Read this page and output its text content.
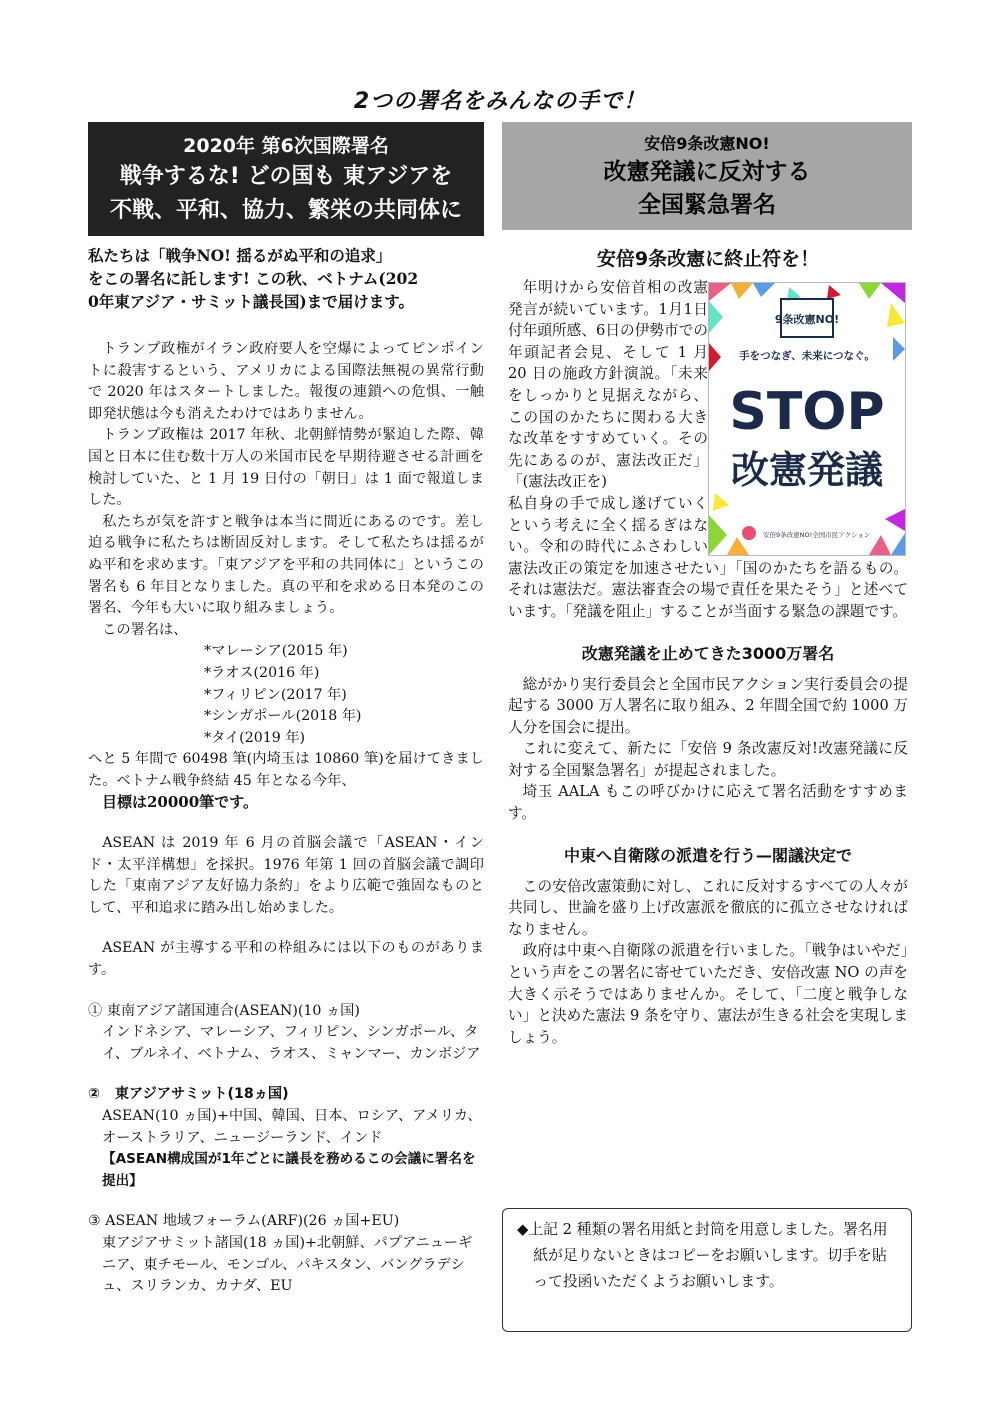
2つの署名をみんなの手で！
2020年 第6次国際署名
戦争するな! どの国も 東アジアを
不戦、平和、協力、繁栄の共同体に
安倍9条改憲NO!
改憲発議に反対する
全国緊急署名

私たちは「戦争NO! 揺るがぬ平和の追求」

をこの署名に託します! この秋、ベトナム(202

0年東アジア・サミット議長国)まで届けます。

トランプ政権がイラン政府要人を空爆によってピンポイントに殺害するという、アメリカによる国際法無視の異常行動で 2020 年はスタートしました。報復の連鎖への危惧、一触即発状態は今も消えたわけではありません。

トランプ政権は 2017 年秋、北朝鮮情勢が緊迫した際、韓国と日本に住む数十万人の米国市民を早期待避させる計画を検討していた、と 1 月 19 日付の「朝日」は 1 面で報道しました。

私たちが気を許すと戦争は本当に間近にあるのです。差し迫る戦争に私たちは断固反対します。そして私たちは揺るがぬ平和を求めます。「東アジアを平和の共同体に」というこの署名も 6 年目となりました。真の平和を求める日本発のこの署名、今年も大いに取り組みましょう。

この署名は、

*マレーシア(2015 年)
*ラオス(2016 年)
*フィリピン(2017 年)
*シンガポール(2018 年)
*タイ(2019 年)

へと 5 年間で 60498 筆(内埼玉は 10860 筆)を届けてきました。ベトナム戦争終結 45 年となる今年、

目標は20000筆です。

ASEAN は 2019 年 6 月の首脳会議で「ASEAN・インド・太平洋構想」を採択。1976 年第 1 回の首脳会議で調印した「東南アジア友好協力条約」をより広範で強固なものとして、平和追求に踏み出し始めました。

ASEAN が主導する平和の枠組みには以下のものがあります。

① 東南アジア諸国連合(ASEAN)(10 ヵ国)
インドネシア、マレーシア、フィリピン、シンガポール、タイ、ブルネイ、ベトナム、ラオス、ミャンマー、カンボジア
② 東アジアサミット(18ヵ国)
ASEAN(10 ヵ国)+中国、韓国、日本、ロシア、アメリカ、オーストラリア、ニュージーランド、インド
【ASEAN構成国が1年ごとに議長を務めるこの会議に署名を提出】
③ ASEAN 地域フォーラム(ARF)(26 ヵ国+EU)
東アジアサミット諸国(18 ヵ国)+北朝鮮、パプアニューギニア、東チモール、モンゴル、パキスタン、バングラデシュ、スリランカ、カナダ、EU

安倍9条改憲に終止符を！

年明けから安倍首相の改憲発言が続いています。1月1日付年頭所感、6日の伊勢市での年頭記者会見、そして 1 月 20 日の施政方針演説。「未来をしっかりと見据えながら、この国のかたちに関わる大きな改革をすすめていく。その先にあるのが、憲法改正だ」「(憲法改正を)

私自身の手で成し遂げていくという考えに全く揺るぎはない。令和の時代にふさわしい憲法改正の策定を加速させたい」「国のかたちを語るもの。それは憲法だ。憲法審査会の場で責任を果たそう」と述べています。「発議を阻止」することが当面する緊急の課題です。

改憲発議を止めてきた3000万署名

総がかり実行委員会と全国市民アクション実行委員会の提起する 3000 万人署名に取り組み、2 年間全国で約 1000 万人分を国会に提出。

これに変えて、新たに「安倍 9 条改憲反対!改憲発議に反対する全国緊急署名」が提起されました。

埼玉 AALA もこの呼びかけに応えて署名活動をすすめます。

中東へ自衛隊の派遣を行う—閣議決定で

この安倍改憲策動に対し、これに反対するすべての人々が共同し、世論を盛り上げ改憲派を徹底的に孤立させなければなりません。

政府は中東へ自衛隊の派遣を行いました。「戦争はいやだ」という声をこの署名に寄せていただき、安倍改憲 NO の声を大きく示そうではありませんか。そして、「二度と戦争しない」と決めた憲法 9 条を守り、憲法が生きる社会を実現しましょう。

9条改憲NO!
手をつなぎ、未来につなぐ。
STOP
改憲発議
安倍9条改憲NO!全国市民アクション

◆上記 2 種類の署名用紙と封筒を用意しました。署名用紙が足りないときはコピーをお願いします。切手を貼って投函いただくようお願いします。
